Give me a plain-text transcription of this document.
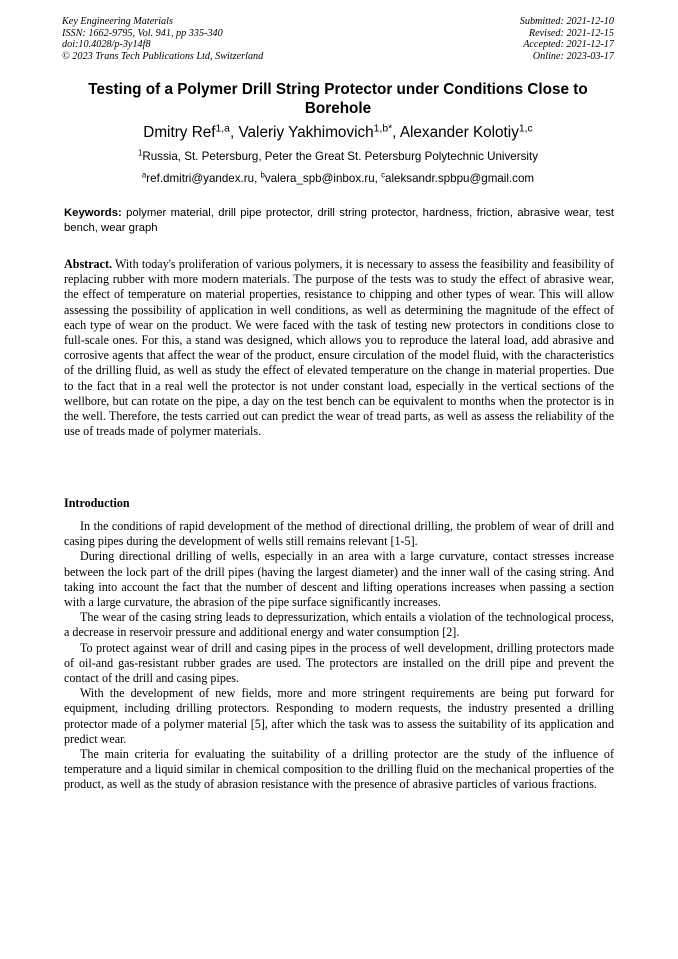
Key Engineering Materials
ISSN: 1662-9795, Vol. 941, pp 335-340
doi:10.4028/p-3y14f8
© 2023 Trans Tech Publications Ltd, Switzerland
Submitted: 2021-12-10
Revised: 2021-12-15
Accepted: 2021-12-17
Online: 2023-03-17
Testing of a Polymer Drill String Protector under Conditions Close to Borehole
Dmitry Ref$^{1,a}$, Valeriy Yakhimovich$^{1,b*}$, Alexander Kolotiy$^{1,c}$
$^1$Russia, St. Petersburg, Peter the Great St. Petersburg Polytechnic University
$^a$ref.dmitri@yandex.ru, $^b$valera_spb@inbox.ru, $^c$aleksandr.spbpu@gmail.com
Keywords: polymer material, drill pipe protector, drill string protector, hardness, friction, abrasive wear, test bench, wear graph
Abstract. With today's proliferation of various polymers, it is necessary to assess the feasibility and feasibility of replacing rubber with more modern materials. The purpose of the tests was to study the effect of abrasive wear, the effect of temperature on material properties, resistance to chipping and other types of wear. This will allow assessing the possibility of application in well conditions, as well as determining the magnitude of the effect of each type of wear on the product. We were faced with the task of testing new protectors in conditions close to full-scale ones. For this, a stand was designed, which allows you to reproduce the lateral load, add abrasive and corrosive agents that affect the wear of the product, ensure circulation of the model fluid, with the characteristics of the drilling fluid, as well as study the effect of elevated temperature on the change in material properties. Due to the fact that in a real well the protector is not under constant load, especially in the vertical sections of the wellbore, but can rotate on the pipe, a day on the test bench can be equivalent to months when the protector is in the well. Therefore, the tests carried out can predict the wear of tread parts, as well as assess the reliability of the use of treads made of polymer materials.
Introduction

In the conditions of rapid development of the method of directional drilling, the problem of wear of drill and casing pipes during the development of wells still remains relevant [1-5].

During directional drilling of wells, especially in an area with a large curvature, contact stresses increase between the lock part of the drill pipes (having the largest diameter) and the inner wall of the casing string. And taking into account the fact that the number of descent and lifting operations increases when passing a section with a large curvature, the abrasion of the pipe surface significantly increases.

The wear of the casing string leads to depressurization, which entails a violation of the technological process, a decrease in reservoir pressure and additional energy and water consumption [2].

To protect against wear of drill and casing pipes in the process of well development, drilling protectors made of oil-and gas-resistant rubber grades are used. The protectors are installed on the drill pipe and prevent the contact of the drill and casing pipes.

With the development of new fields, more and more stringent requirements are being put forward for equipment, including drilling protectors. Responding to modern requests, the industry presented a drilling protector made of a polymer material [5], after which the task was to assess the suitability of its application and predict wear.

The main criteria for evaluating the suitability of a drilling protector are the study of the influence of temperature and a liquid similar in chemical composition to the drilling fluid on the mechanical properties of the product, as well as the study of abrasion resistance with the presence of abrasive particles of various fractions.
